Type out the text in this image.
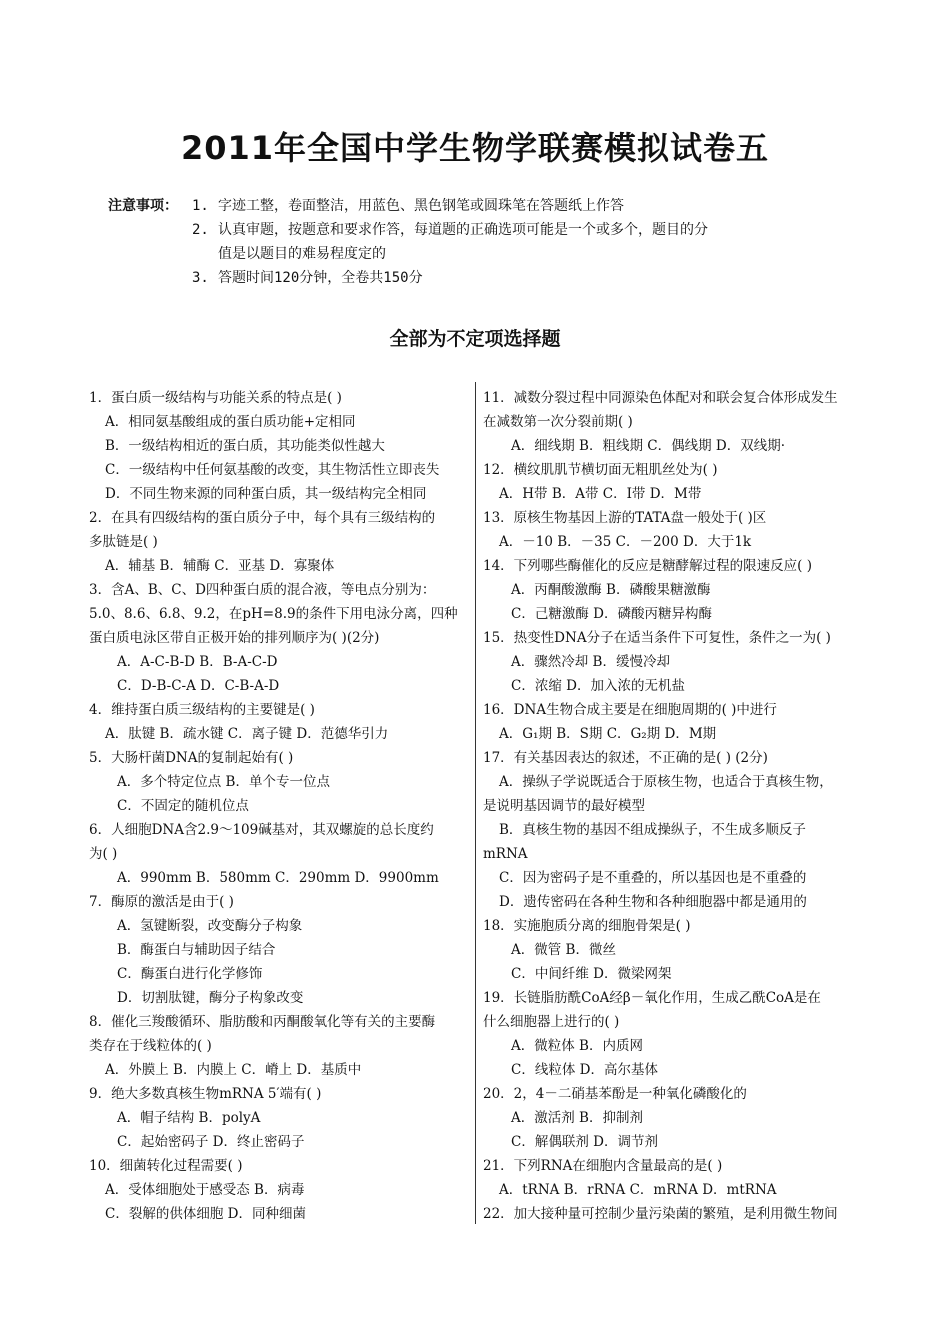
2011年全国中学生物学联赛模拟试卷五
注意事项： 1. 字迹工整，卷面整洁，用蓝色、黑色钢笔或圆珠笔在答题纸上作答
2. 认真审题，按题意和要求作答，每道题的正确选项可能是一个或多个，题目的分
值是以题目的难易程度定的
3. 答题时间120分钟，全卷共150分
全部为不定项选择题
1．蛋白质一级结构与功能关系的特点是( )
A．相同氨基酸组成的蛋白质功能+定相同
B．一级结构相近的蛋白质，其功能类似性越大
C．一级结构中任何氨基酸的改变，其生物活性立即丧失
D．不同生物来源的同种蛋白质，其一级结构完全相同
2．在具有四级结构的蛋白质分子中，每个具有三级结构的
多肽链是( )
A．辅基 B．辅酶 C．亚基 D．寡聚体
3．含A、B、C、D四种蛋白质的混合液，等电点分别为：
5.0、8.6、6.8、9.2，在pH=8.9的条件下用电泳分离，四种
蛋白质电泳区带自正极开始的排列顺序为( )(2分)
A．A-C-B-D B．B-A-C-D
C．D-B-C-A D．C-B-A-D
4．维持蛋白质三级结构的主要键是( )
A．肽键 B．疏水键 C．离子键 D．范德华引力
5．大肠杆菌DNA的复制起始有( )
A．多个特定位点 B．单个专一位点
C．不固定的随机位点
6．人细胞DNA含2.9～109碱基对，其双螺旋的总长度约
为( )
A．990mm B．580mm C．290mm D．9900mm
7．酶原的激活是由于( )
A．氢键断裂，改变酶分子构象
B．酶蛋白与辅助因子结合
C．酶蛋白进行化学修饰
D．切割肽键，酶分子构象改变
8．催化三羧酸循环、脂肪酸和丙酮酸氧化等有关的主要酶
类存在于线粒体的( )
A．外膜上 B．内膜上 C．嵴上 D．基质中
9．绝大多数真核生物mRNA 5′端有( )
A．帽子结构 B．polyA
C．起始密码子 D．终止密码子
10．细菌转化过程需要( )
A．受体细胞处于感受态 B．病毒
C．裂解的供体细胞 D．同种细菌
11．减数分裂过程中同源染色体配对和联会复合体形成发生
在减数第一次分裂前期( )
A．细线期 B．粗线期 C．偶线期 D．双线期·
12．横纹肌肌节横切面无粗肌丝处为( )
A．H带 B．A带 C．I带 D．M带
13．原核生物基因上游的TATA盘一般处于( )区
A．－10 B．－35 C．－200 D．大于1k
14．下列哪些酶催化的反应是糖酵解过程的限速反应( )
A．丙酮酸激酶 B．磷酸果糖激酶
C．己糖激酶 D．磷酸丙糖异构酶
15．热变性DNA分子在适当条件下可复性，条件之一为( )
A．骤然冷却 B．缓慢冷却
C．浓缩 D．加入浓的无机盐
16．DNA生物合成主要是在细胞周期的( )中进行
A．G₁期 B．S期 C．G₂期 D．M期
17．有关基因表达的叙述，不正确的是( ) (2分)
A．操纵子学说既适合于原核生物，也适合于真核生物，
是说明基因调节的最好模型
B．真核生物的基因不组成操纵子，不生成多顺反子
mRNA
C．因为密码子是不重叠的，所以基因也是不重叠的
D．遗传密码在各种生物和各种细胞器中都是通用的
18．实施胞质分离的细胞骨架是( )
A．微管 B．微丝
C．中间纤维 D．微梁网架
19．长链脂肪酰CoA经β－氧化作用，生成乙酰CoA是在
什么细胞器上进行的( )
A．微粒体 B．内质网
C．线粒体 D．高尔基体
20．2，4－二硝基苯酚是一种氧化磷酸化的
A．激活剂 B．抑制剂
C．解偶联剂 D．调节剂
21．下列RNA在细胞内含量最高的是( )
A．tRNA B．rRNA C．mRNA D．mtRNA
22．加大接种量可控制少量污染菌的繁殖，是利用微生物间
